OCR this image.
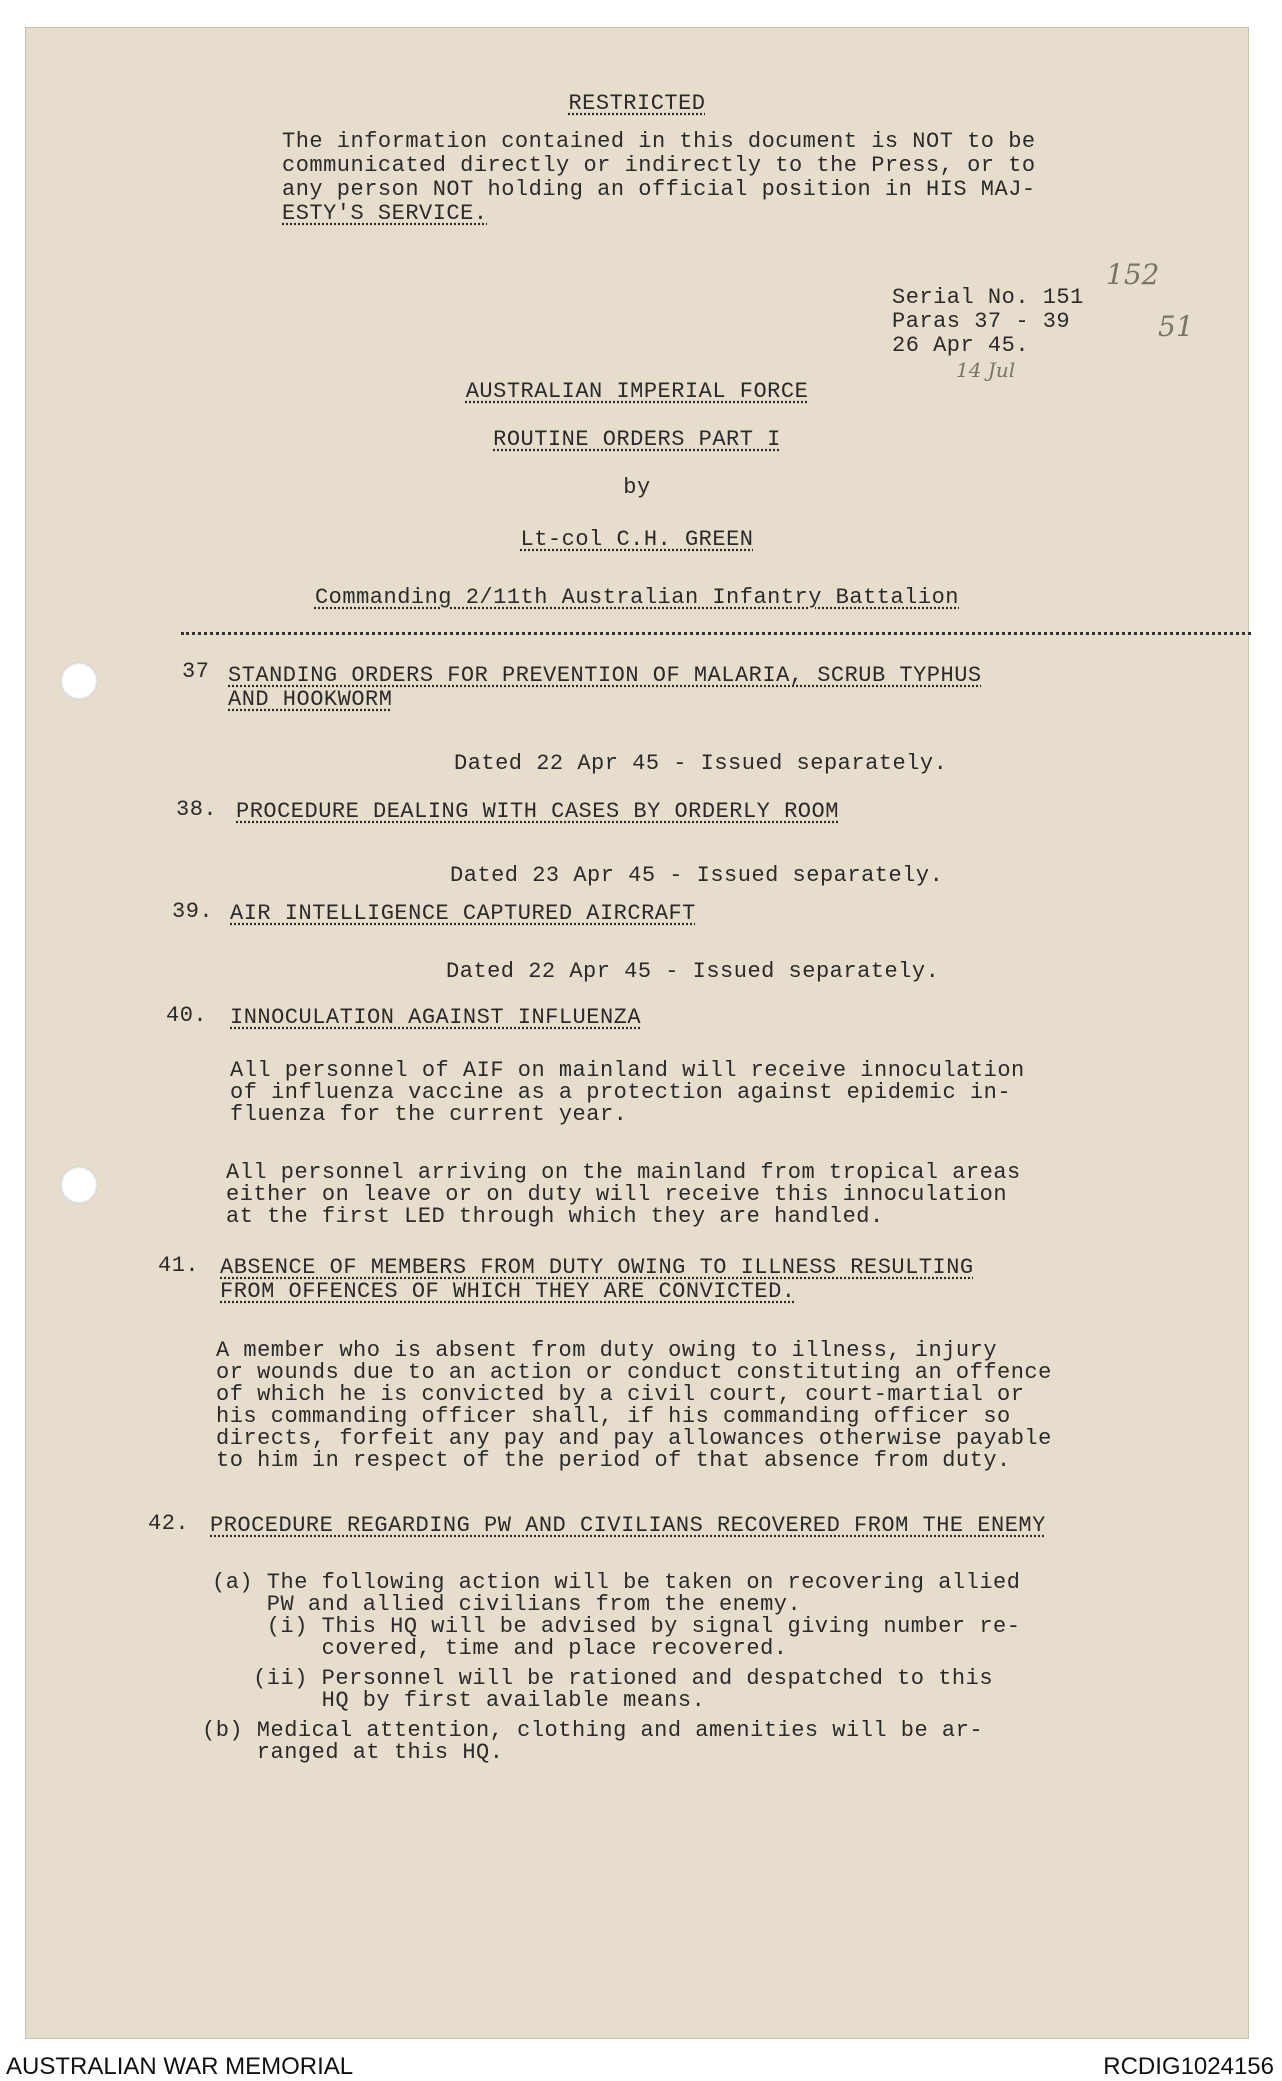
RESTRICTED
The information contained in this document is NOT to be
communicated directly or indirectly to the Press, or to
any person NOT holding an official position in HIS MAJ-
ESTY'S SERVICE.
Serial No. 151
Paras 37 - 39
26 Apr 45.
152
51
14 Jul
AUSTRALIAN IMPERIAL FORCE
ROUTINE ORDERS PART I
by
Lt-col C.H. GREEN
Commanding 2/11th Australian Infantry Battalion
37 STANDING ORDERS FOR PREVENTION OF MALARIA, SCRUB TYPHUS
AND HOOKWORM
Dated 22 Apr 45 - Issued separately.
38. PROCEDURE DEALING WITH CASES BY ORDERLY ROOM
Dated 23 Apr 45 - Issued separately.
39. AIR INTELLIGENCE CAPTURED AIRCRAFT
Dated 22 Apr 45 - Issued separately.
40. INNOCULATION AGAINST INFLUENZA
All personnel of AIF on mainland will receive innoculation
of influenza vaccine as a protection against epidemic in-
fluenza for the current year.
All personnel arriving on the mainland from tropical areas
either on leave or on duty will receive this innoculation
at the first LED through which they are handled.
41. ABSENCE OF MEMBERS FROM DUTY OWING TO ILLNESS RESULTING
FROM OFFENCES OF WHICH THEY ARE CONVICTED.
A member who is absent from duty owing to illness, injury
or wounds due to an action or conduct constituting an offence
of which he is convicted by a civil court, court-martial or
his commanding officer shall, if his commanding officer so
directs, forfeit any pay and pay allowances otherwise payable
to him in respect of the period of that absence from duty.
42. PROCEDURE REGARDING PW AND CIVILIANS RECOVERED FROM THE ENEMY
(a) The following action will be taken on recovering allied
PW and allied civilians from the enemy.
(i) This HQ will be advised by signal giving number re-
covered, time and place recovered.
(ii) Personnel will be rationed and despatched to this
HQ by first available means.
(b) Medical attention, clothing and amenities will be ar-
ranged at this HQ.
AUSTRALIAN WAR MEMORIAL	RCDIG1024156
